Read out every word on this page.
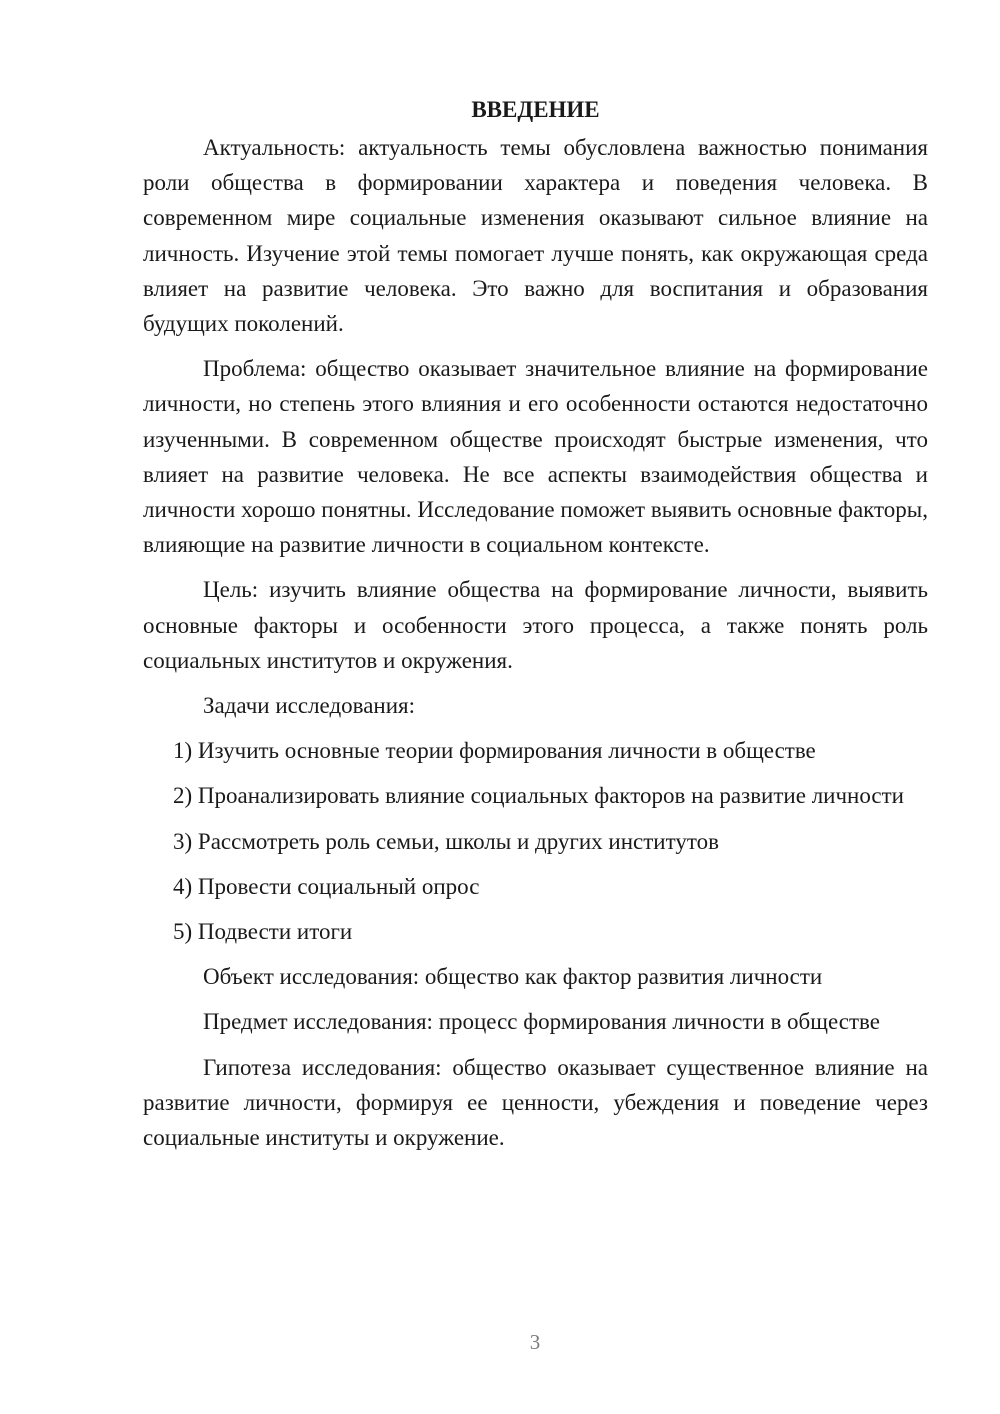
ВВЕДЕНИЕ

Актуальность: актуальность темы обусловлена важностью понимания роли общества в формировании характера и поведения человека. В современном мире социальные изменения оказывают сильное влияние на личность. Изучение этой темы помогает лучше понять, как окружающая среда влияет на развитие человека. Это важно для воспитания и образования будущих поколений.

Проблема: общество оказывает значительное влияние на формирование личности, но степень этого влияния и его особенности остаются недостаточно изученными. В современном обществе происходят быстрые изменения, что влияет на развитие человека. Не все аспекты взаимодействия общества и личности хорошо понятны. Исследование поможет выявить основные факторы, влияющие на развитие личности в социальном контексте.

Цель: изучить влияние общества на формирование личности, выявить основные факторы и особенности этого процесса, а также понять роль социальных институтов и окружения.

Задачи исследования:

1) Изучить основные теории формирования личности в обществе

2) Проанализировать влияние социальных факторов на развитие личности

3) Рассмотреть роль семьи, школы и других институтов

4) Провести социальный опрос

5) Подвести итоги

Объект исследования: общество как фактор развития личности

Предмет исследования: процесс формирования личности в обществе

Гипотеза исследования: общество оказывает существенное влияние на развитие личности, формируя ее ценности, убеждения и поведение через социальные институты и окружение.

3
